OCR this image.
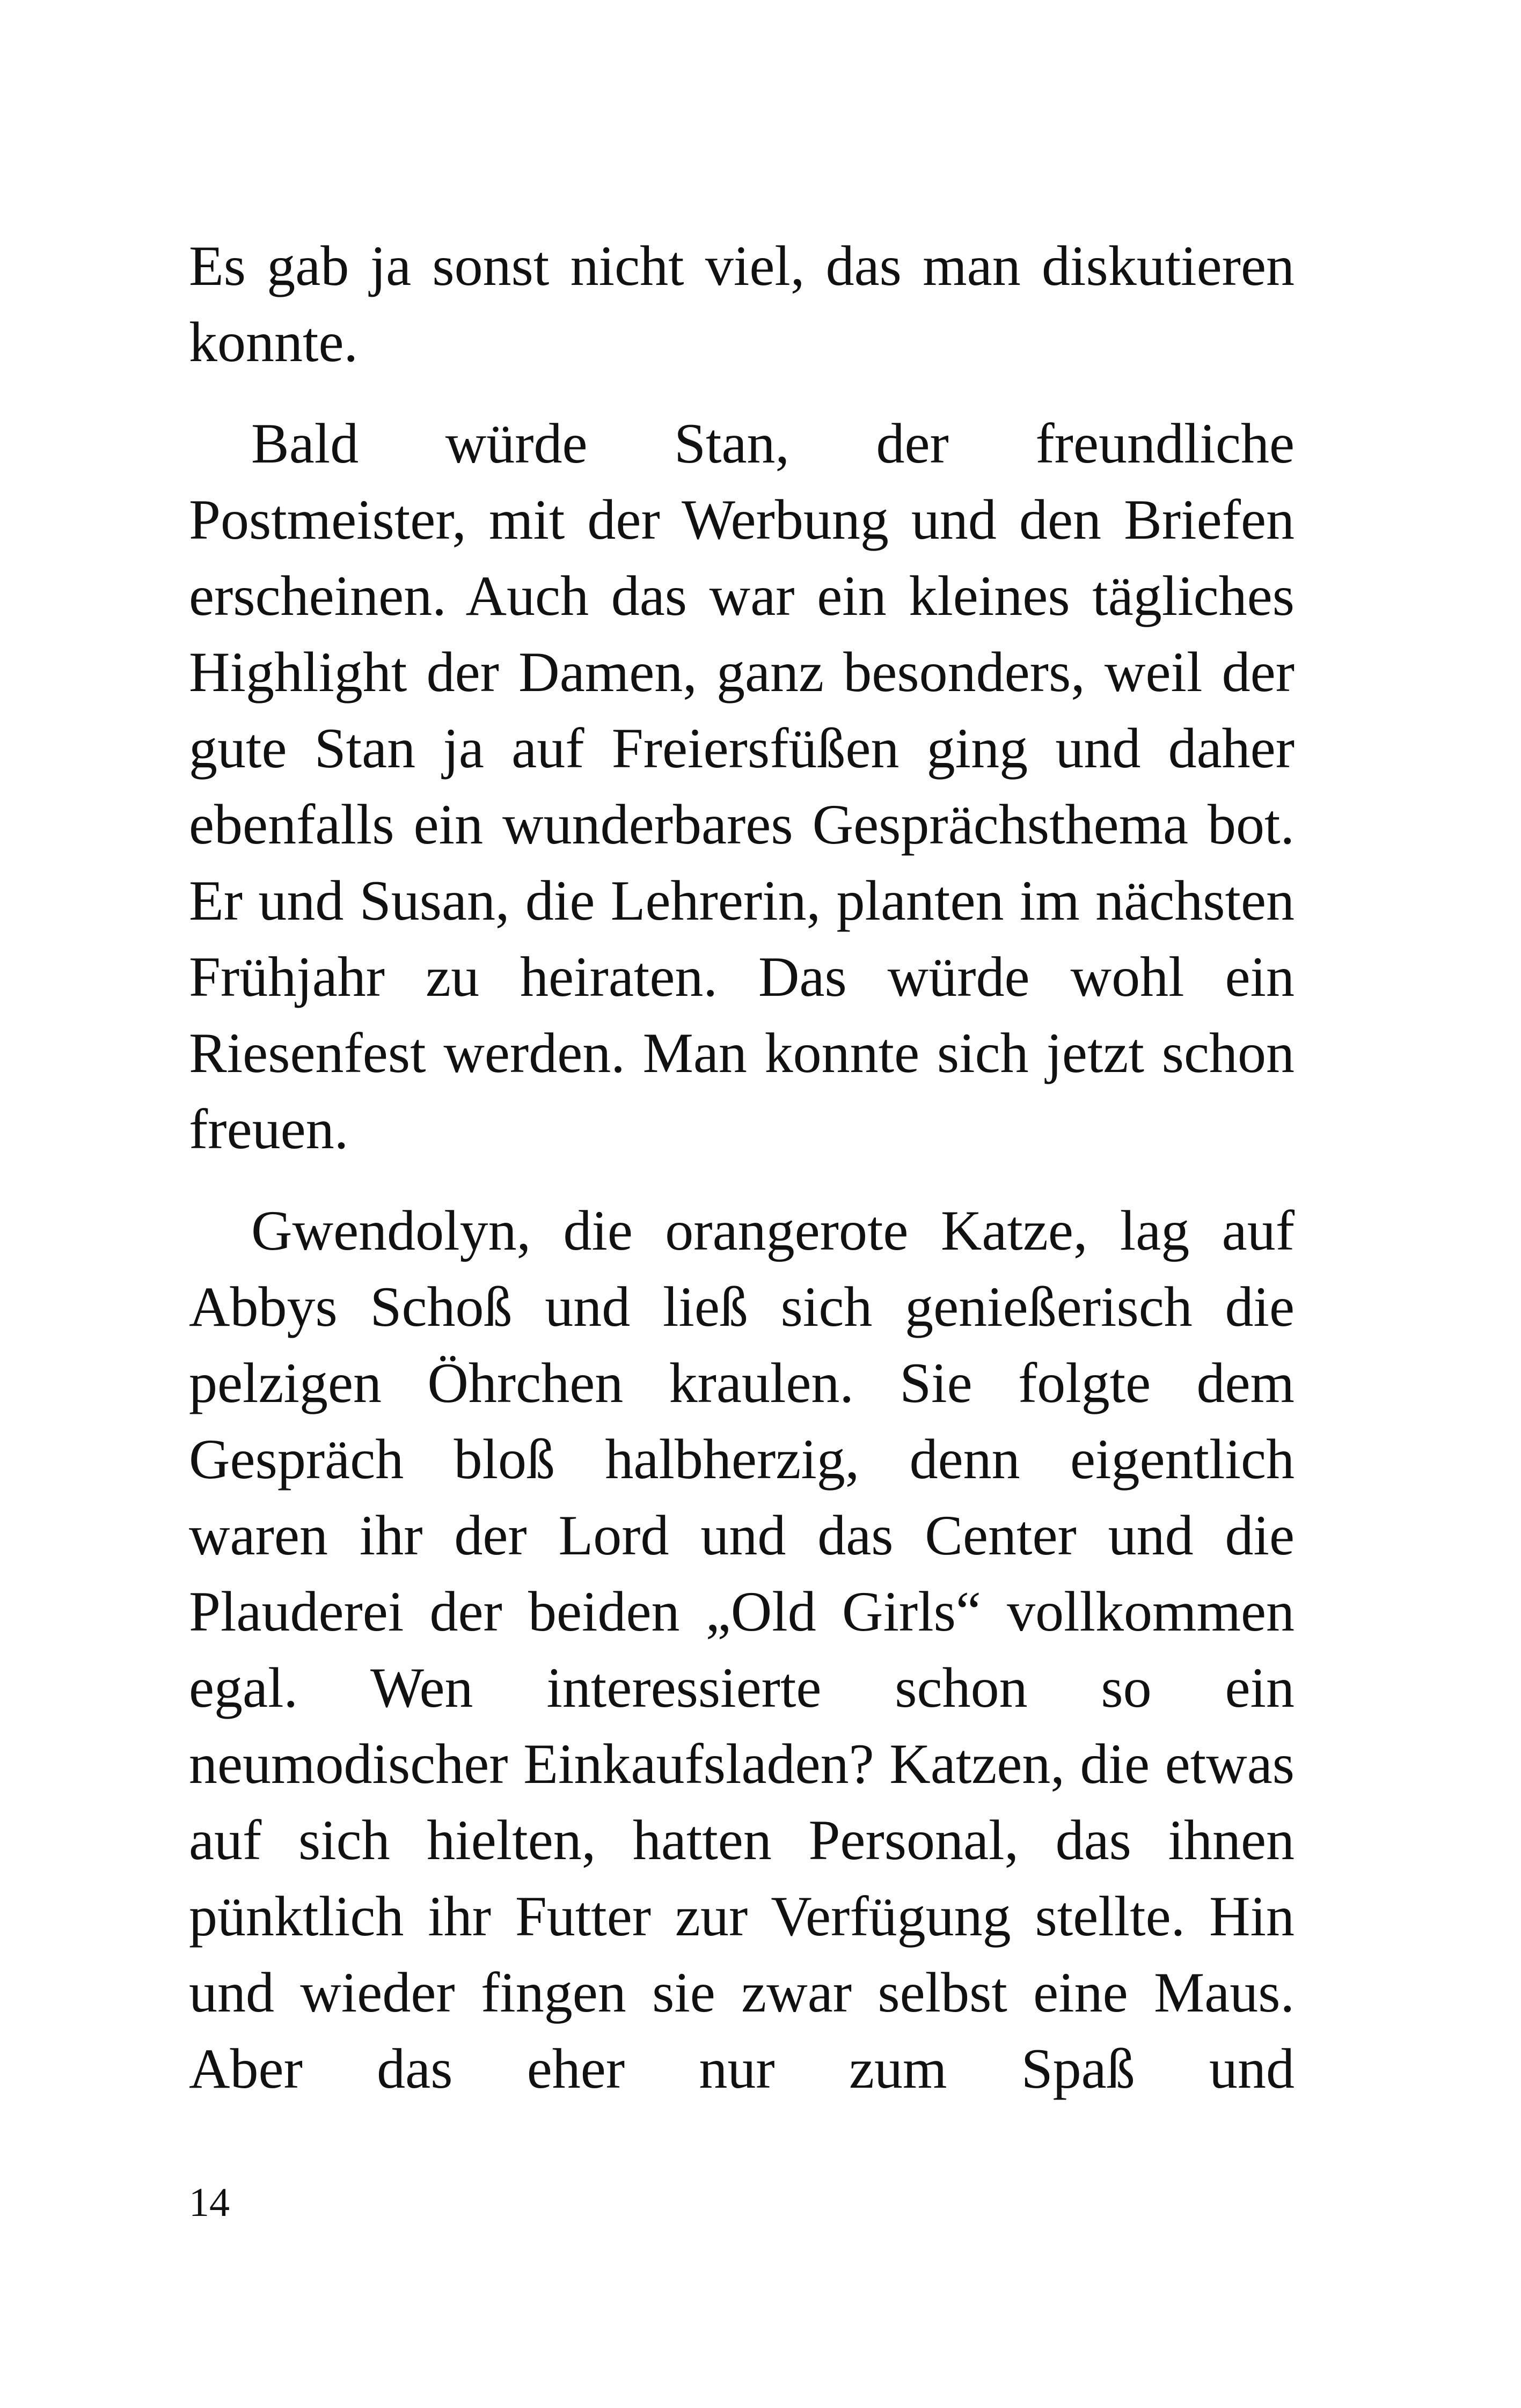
Es gab ja sonst nicht viel, das man diskutieren konnte.

Bald würde Stan, der freundliche Postmeister, mit der Werbung und den Briefen erscheinen. Auch das war ein kleines tägliches Highlight der Damen, ganz besonders, weil der gute Stan ja auf Freiersfüßen ging und daher ebenfalls ein wunderbares Gesprächsthema bot. Er und Susan, die Lehrerin, planten im nächsten Frühjahr zu heiraten. Das würde wohl ein Riesenfest werden. Man konnte sich jetzt schon freuen.

Gwendolyn, die orangerote Katze, lag auf Abbys Schoß und ließ sich genießerisch die pelzigen Öhrchen kraulen. Sie folgte dem Gespräch bloß halbherzig, denn eigentlich waren ihr der Lord und das Center und die Plauderei der beiden „Old Girls“ vollkommen egal. Wen interessierte schon so ein neumodischer Einkaufsladen? Katzen, die etwas auf sich hielten, hatten Personal, das ihnen pünktlich ihr Futter zur Verfügung stellte. Hin und wieder fingen sie zwar selbst eine Maus. Aber das eher nur zum Spaß und

14
